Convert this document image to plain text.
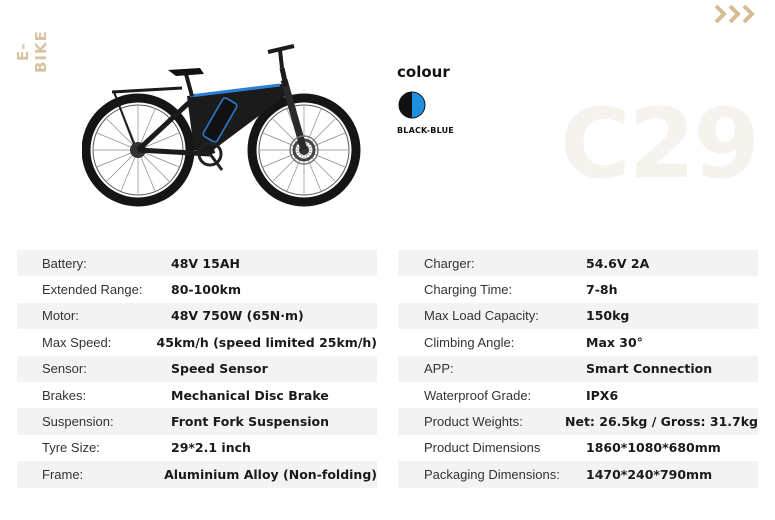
E-BIKE	colour
BLACK-BLUE C29
Battery:	48V 15AH
Extended Range:	80-100km
Motor:	48V 750W (65N·m)
Max Speed:	45km/h (speed limited 25km/h)
Sensor:	Speed Sensor
Brakes:	Mechanical Disc Brake
Suspension:	Front Fork Suspension
Tyre Size:	29*2.1 inch
Frame:	Aluminium Alloy (Non-folding)
Charger:	54.6V 2A
Charging Time:	7-8h
Max Load Capacity:	150kg
Climbing Angle:	Max 30°
APP:	Smart Connection
Waterproof Grade:	IPX6
Product Weights:	Net: 26.5kg / Gross: 31.7kg
Product Dimensions	1860*1080*680mm
Packaging Dimensions:	1470*240*790mm
